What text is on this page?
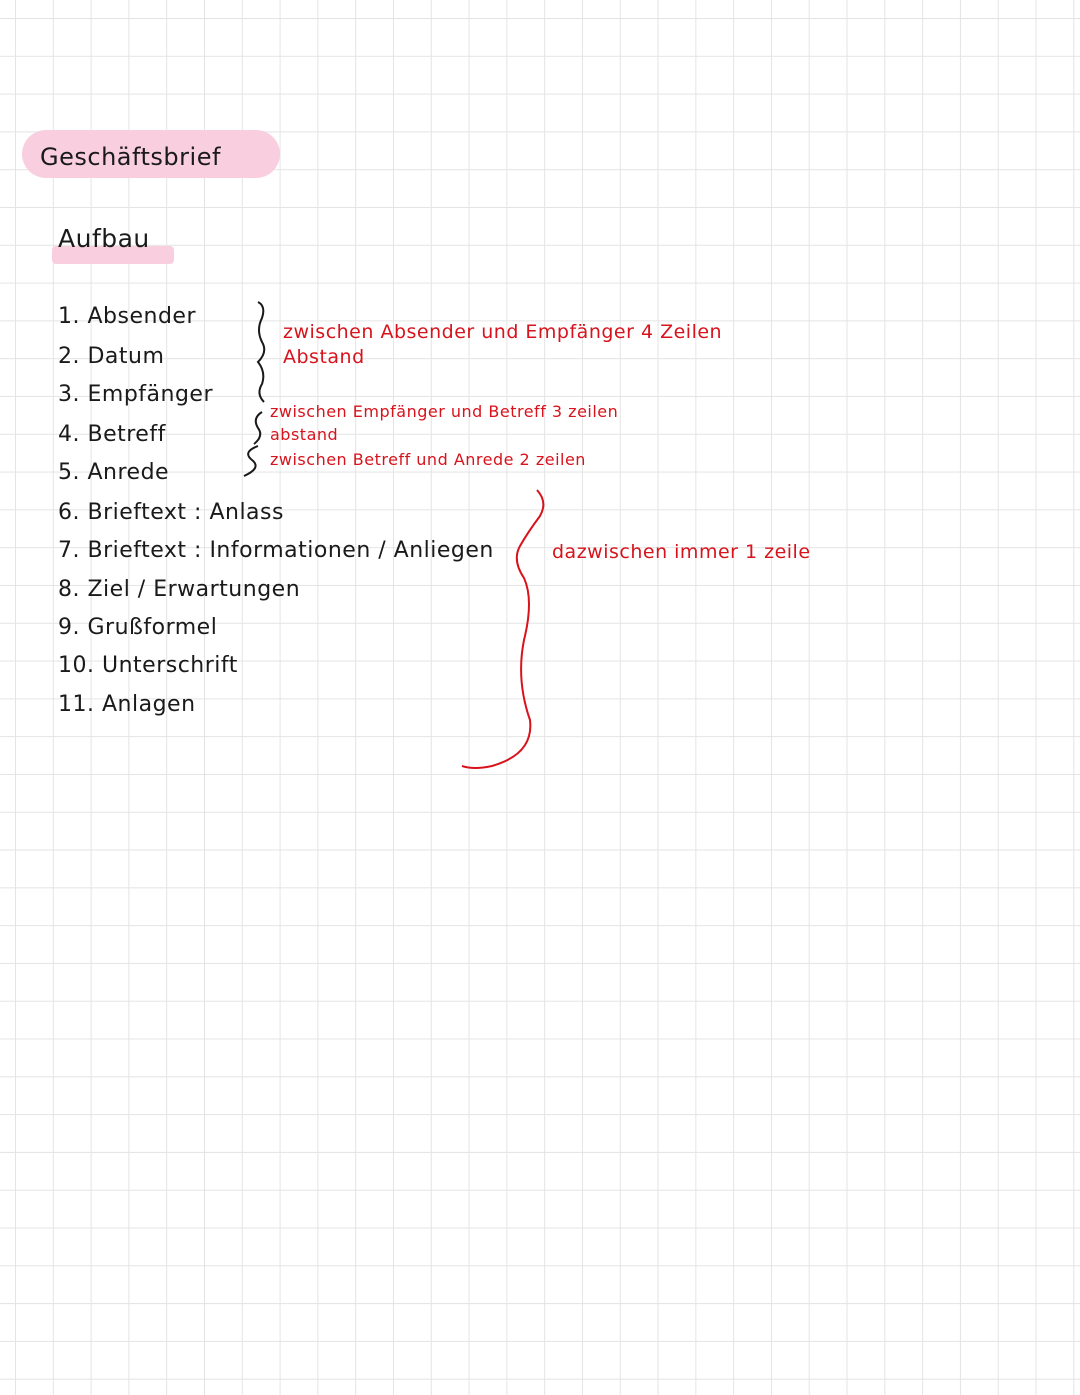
Geschäftsbrief
Aufbau
1. Absender
2. Datum
3. Empfänger
4. Betreff
5. Anrede
6. Brieftext : Anlass
7. Brieftext : Informationen / Anliegen
8. Ziel / Erwartungen
9. Grußformel
10. Unterschrift
11. Anlagen
zwischen Absender und Empfänger 4 Zeilen
Abstand
zwischen Empfänger und Betreff 3 zeilen
abstand
zwischen Betreff und Anrede 2 zeilen
dazwischen immer 1 zeile
